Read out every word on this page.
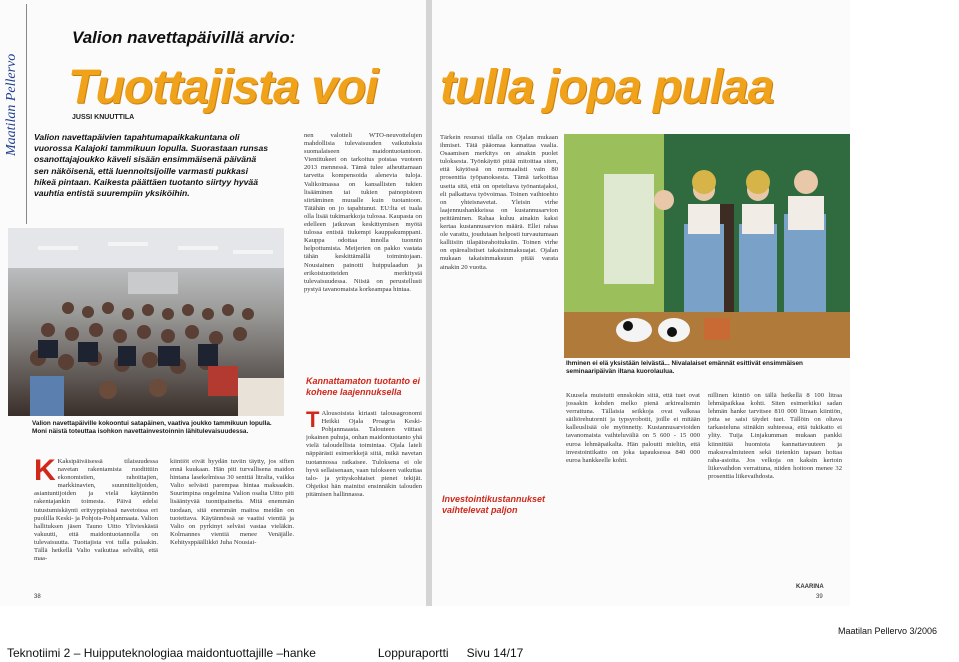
Maatilan Pellervo
Valion navettapäivillä arvio:
Tuottajista voi
JUSSI KNUUTTILA
Valion navettapäivien tapahtumapaikkakuntana oli vuorossa Kalajoki tammikuun lopulla. Suorastaan runsas osanottajajoukko käveli sisään ensimmäisenä päivänä sen näköisenä, että luennoitsijoille varmasti pukkasi hikeä pintaan. Kaikesta päättäen tuotanto siirtyy hyvää vauhtia entistä suurempiin yksiköihin.
nen valotteli WTO-neuvottelujen mahdollisia tulevaisuuden vaikutuksia suomalaiseen maidontuotantoon. Vientitukeet on tarkoitus poistaa vuoteen 2013 mennessä. Tämä tulee aiheuttamaan tarvetta kompensoida alenevia tuloja. Valikoimassa on kansallisten tukien lisääminen tai tukien painopisteen siirtäminen muualle kuin tuotantoon. Tätähän on jo tapahtunut. EU:lta ei tuala olla lisää tukimarkkoja tulossa. Kaupasta on edelleen jatkuvan keskittymisen myötä tulossa entistä tiukempi kauppakumppani. Kauppa odottaa innolla tuonnin helpottumista. Meijerien on pakko vastata tähän keskittämällä toimintojaan. Nousiainen painotti huippulaadun ja erikoistuotteiden merkitystä tulevaisuudessa. Niistä on perustellusti pystyä tavanomaista korkeampaa hintaa.
Valion navettapäiville kokoontui satapäinen, vaativa joukko tammikuun lopulla. Moni näistä toteuttaa isohkon navettainvestoinnin lähitulevaisuudessa.
K Kaksipäiväisessä tilaisuudessa navetan rakentamista ruoditttiin ekonomistien, rahoittajien, markkinavien, suunnittelijoiden, asiantuntijoiden ja vielä käytännön rakentajankin toimesta. Päivä edelsi tutustumiskäynti erityyppisissä navetoissa eri puolilla Keski- ja Pohjois-Pohjanmaata. Valion hallituksen jäsen Tauno Uitto Ylivieskästä vakuutti, että maidontuotannolla on tulevaisuutta. Tuottajista voi tulla pulaakin. Tällä hetkellä Valio vaikuttaa selvältä, että maa-
kiintiöt eivät hyydän tuviin täytty, jos siften ennä kuukaan. Hän piti turvallisena maidon hintana lasekelmissa 30 senttiä litralta, vaikka Valio selvästi parempaa hintaa maksaakin. Suurimpina ongelmina Valion osalta Uitto piti lisääntyvää tuontipainetta. Mitä enemmän tuodaan, sitä enemmän maitoa meidän on tuotettava. Käytännössä se vaatisi vientiä ja Valio on pyrkinyt selväsi vastaa vieläkin. Kolmannes vientiä menee Venäjälle. Kehitysppäällikkö Juha Nousiai-
Kannattamaton tuotanto ei kohene laajennuksella
T Alousoisista kiriasti talousagronomi Heikki Ojala Proagria Keski-Pohjanmaasta. Talouteen viittasi jokainen puhuja, onhan maidontuotanto yhä vielä taloudellista toimintaa. Ojala lateli näppärästi esimerkkejä siitä, mikä navetan tuotannossa ratkaisee. Tuloksena ei ole hyvä sellaisenaan, vaan tulokseen vaikuttaa talo- ja yrityskohtaiset pienet tekijät. Ohjeiksi hän mainitsi ensinnäkin talouden pitämisen hallinnassa.
38
tulla jopa pulaa
Tärkein resurssi tilalla on Ojalan mukaan ihmiset. Tätä pääomaa kannattaa vaalia. Osaamisen merkitys on ainakin puolet tuloksesta. Työnkäyttö pitää mitoittaa siten, että käytössä on normaalisti vain 80 prosenttia työpanoksesta. Tämä tarkoittaa useita sitä, että on opeteltava työnantajaksi, eli palkattava työvoimaa. Toinen vaihtoehto on yhteisnavetat. Yleisin virhe laajennushankkeissa on kustannusarvion peittäminen. Rahaa kuluu ainakin kaksi kertaa kustannusarvion määrä. Ellei rahaa ole varattu, joudutaan helposti turvautumaan kalliisiin tilapäisrahoituksiin. Toinen virhe on epärealistiset takaisinmaksuajat. Ojalan mukaan takaisinmaksuun pitää varata ainakin 20 vuotta.
Ihminen ei elä yksistään leivästä... Nivalalaiset emännät esittivät ensimmäisen seminaaripäivän iltana kuorolaulua.
Investointikustannukset vaihtelevat paljon
Kuusela muistutti ennskokin siitä, että tuet ovat jossakin kohden melko pienä arkirealismin verrattuna. Tällaisia seikkoja ovat valkeaa säiliörehutornit ja typsyrobotit, joille ei mitään kalleuslisää ole myönnetty. Kustannusarvioiden tavanomaista vaihteluväliä on 5 600 - 15 000 euroa lehmäpaikalta. Hän paloutti mieliin, että investointikatto on joka tapauksessa 840 000 euroa hankkeelle kohti.
nillinen kiintiö on tällä hetkellä 8 100 litraa lehmäpaikkaa kohti. Siten esimerkiksi sadan lehmän hanke tarvitsee 810 000 litraan kiintiön, jotta se saisi täydet tuet. Tällöin on oltava tarkasteluna siinäkin suhteessa, että tukikatto ei ylity. Tuija Linjakumman mukaan pankki kiinnittää huomiota kannattavuuteen ja maksuvalmiuteen sekä tietenkin tapaan hoitaa raha-asioita. Jos velkoja on kaksin kertoin liikevaihdon verrattuna, niiden hoitoon menee 32 prosenttia liikevaihdosta.
KAARINA
39
Maatilan Pellervo 3/2006
Teknotiimi 2 – Huipputeknologiaa maidontuottajille –hanke	Loppuraportti Sivu 14/17
